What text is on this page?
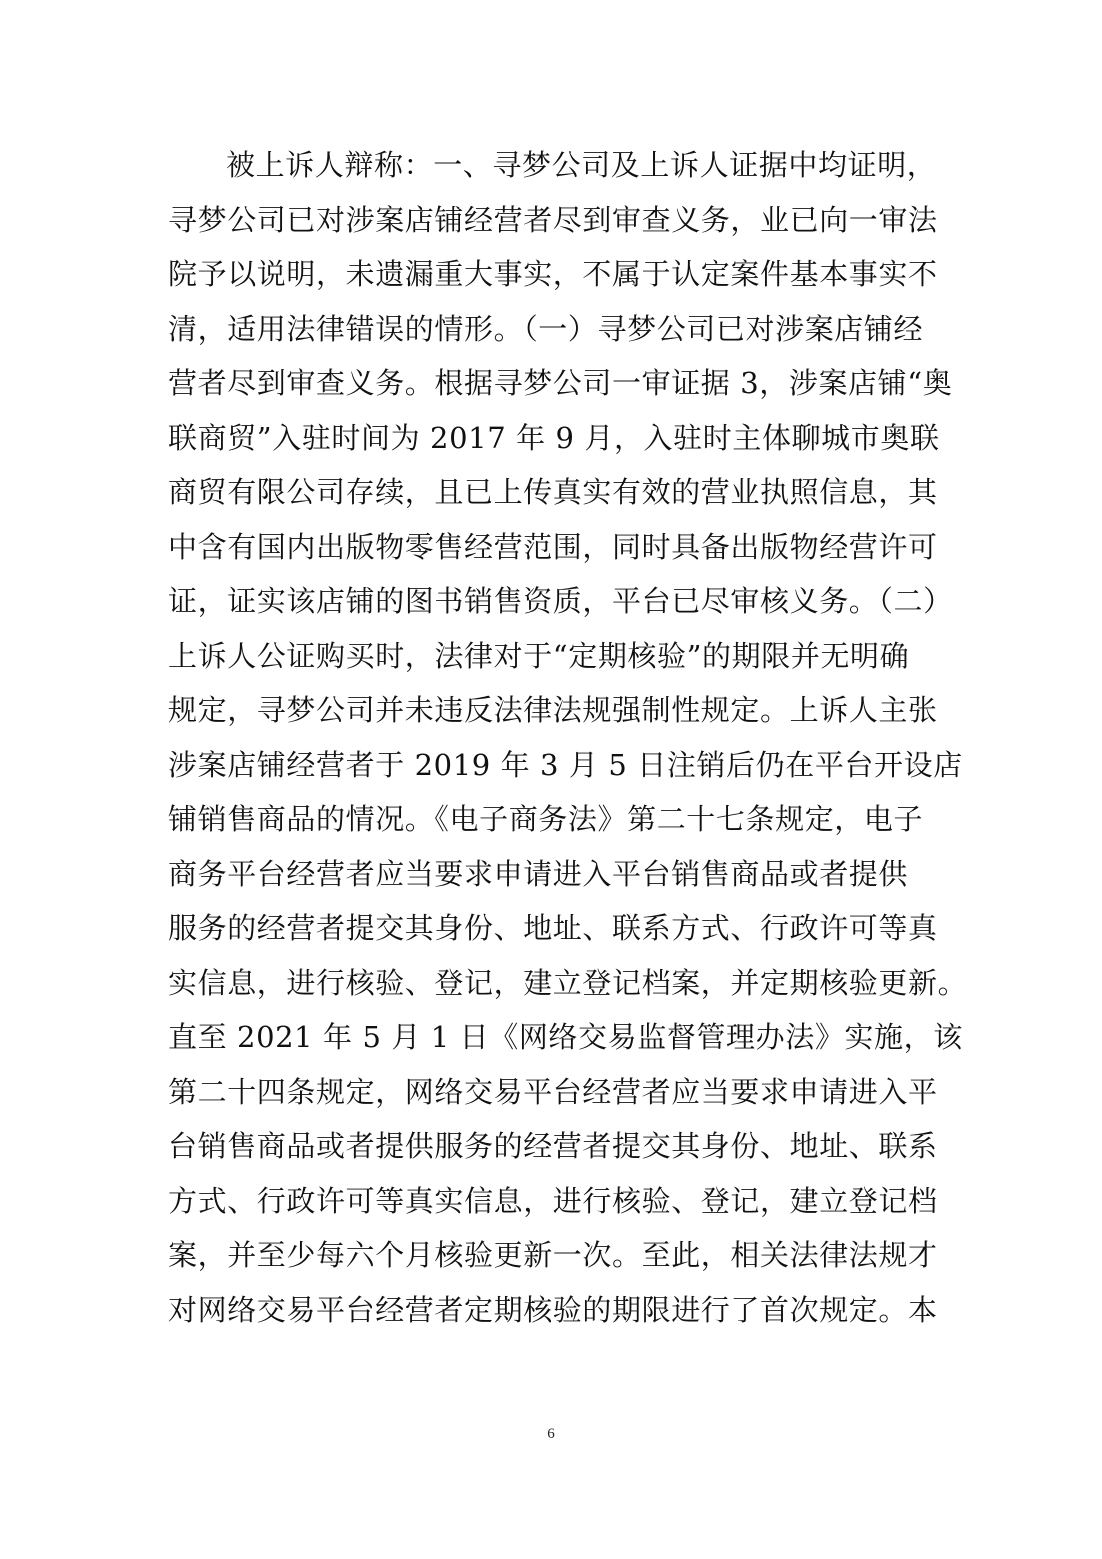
被上诉人辩称：一、寻梦公司及上诉人证据中均证明，
寻梦公司已对涉案店铺经营者尽到审查义务，业已向一审法
院予以说明，未遗漏重大事实，不属于认定案件基本事实不
清，适用法律错误的情形。（一）寻梦公司已对涉案店铺经
营者尽到审查义务。根据寻梦公司一审证据 3，涉案店铺“奥
联商贸”入驻时间为 2017 年 9 月，入驻时主体聊城市奥联
商贸有限公司存续，且已上传真实有效的营业执照信息，其
中含有国内出版物零售经营范围，同时具备出版物经营许可
证，证实该店铺的图书销售资质，平台已尽审核义务。（二）
上诉人公证购买时，法律对于“定期核验”的期限并无明确
规定，寻梦公司并未违反法律法规强制性规定。上诉人主张
涉案店铺经营者于 2019 年 3 月 5 日注销后仍在平台开设店
铺销售商品的情况。《电子商务法》第二十七条规定，电子
商务平台经营者应当要求申请进入平台销售商品或者提供
服务的经营者提交其身份、地址、联系方式、行政许可等真
实信息，进行核验、登记，建立登记档案，并定期核验更新。
直至 2021 年 5 月 1 日《网络交易监督管理办法》实施，该
第二十四条规定，网络交易平台经营者应当要求申请进入平
台销售商品或者提供服务的经营者提交其身份、地址、联系
方式、行政许可等真实信息，进行核验、登记，建立登记档
案，并至少每六个月核验更新一次。至此，相关法律法规才
对网络交易平台经营者定期核验的期限进行了首次规定。本
6
